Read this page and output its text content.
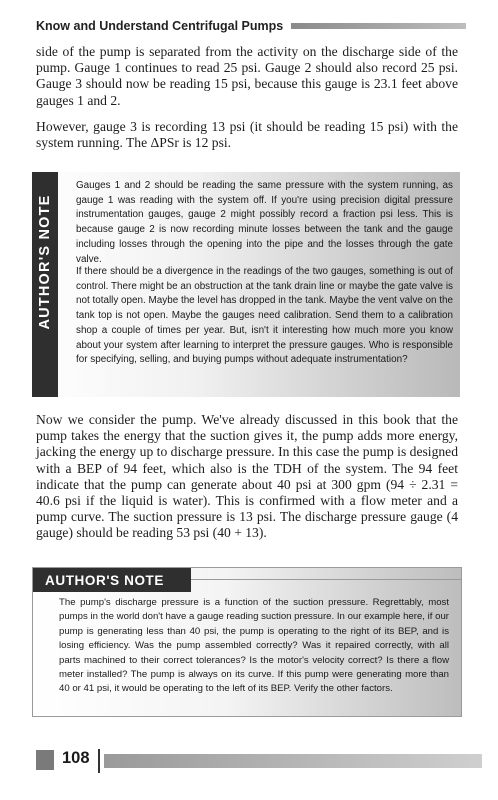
Know and Understand Centrifugal Pumps

side of the pump is separated from the activity on the discharge side of the pump. Gauge 1 continues to read 25 psi. Gauge 2 should also record 25 psi. Gauge 3 should now be reading 15 psi, because this gauge is 23.1 feet above gauges 1 and 2.

However, gauge 3 is recording 13 psi (it should be reading 15 psi) with the system running. The ΔPSr is 12 psi.

AUTHOR'S NOTE

Gauges 1 and 2 should be reading the same pressure with the system running, as gauge 1 was reading with the system off. If you're using precision digital pressure instrumentation gauges, gauge 2 might possibly record a fraction psi less. This is because gauge 2 is now recording minute losses between the tank and the gauge including losses through the opening into the pipe and the losses through the gate valve.

If there should be a divergence in the readings of the two gauges, something is out of control. There might be an obstruction at the tank drain line or maybe the gate valve is not totally open. Maybe the level has dropped in the tank. Maybe the vent valve on the tank top is not open. Maybe the gauges need calibration. Send them to a calibration shop a couple of times per year. But, isn't it interesting how much more you know about your system after learning to interpret the pressure gauges. Who is responsible for specifying, selling, and buying pumps without adequate instrumentation?

Now we consider the pump. We've already discussed in this book that the pump takes the energy that the suction gives it, the pump adds more energy, jacking the energy up to discharge pressure. In this case the pump is designed with a BEP of 94 feet, which also is the TDH of the system. The 94 feet indicate that the pump can generate about 40 psi at 300 gpm (94 ÷ 2.31 = 40.6 psi if the liquid is water). This is confirmed with a flow meter and a pump curve. The suction pressure is 13 psi. The discharge pressure gauge (4 gauge) should be reading 53 psi (40 + 13).

AUTHOR'S NOTE

The pump's discharge pressure is a function of the suction pressure. Regrettably, most pumps in the world don't have a gauge reading suction pressure. In our example here, if our pump is generating less than 40 psi, the pump is operating to the right of its BEP, and is losing efficiency. Was the pump assembled correctly? Was it repaired correctly, with all parts machined to their correct tolerances? Is the motor's velocity correct? Is there a flow meter installed? The pump is always on its curve. If this pump were generating more than 40 or 41 psi, it would be operating to the left of its BEP. Verify the other factors.

108
